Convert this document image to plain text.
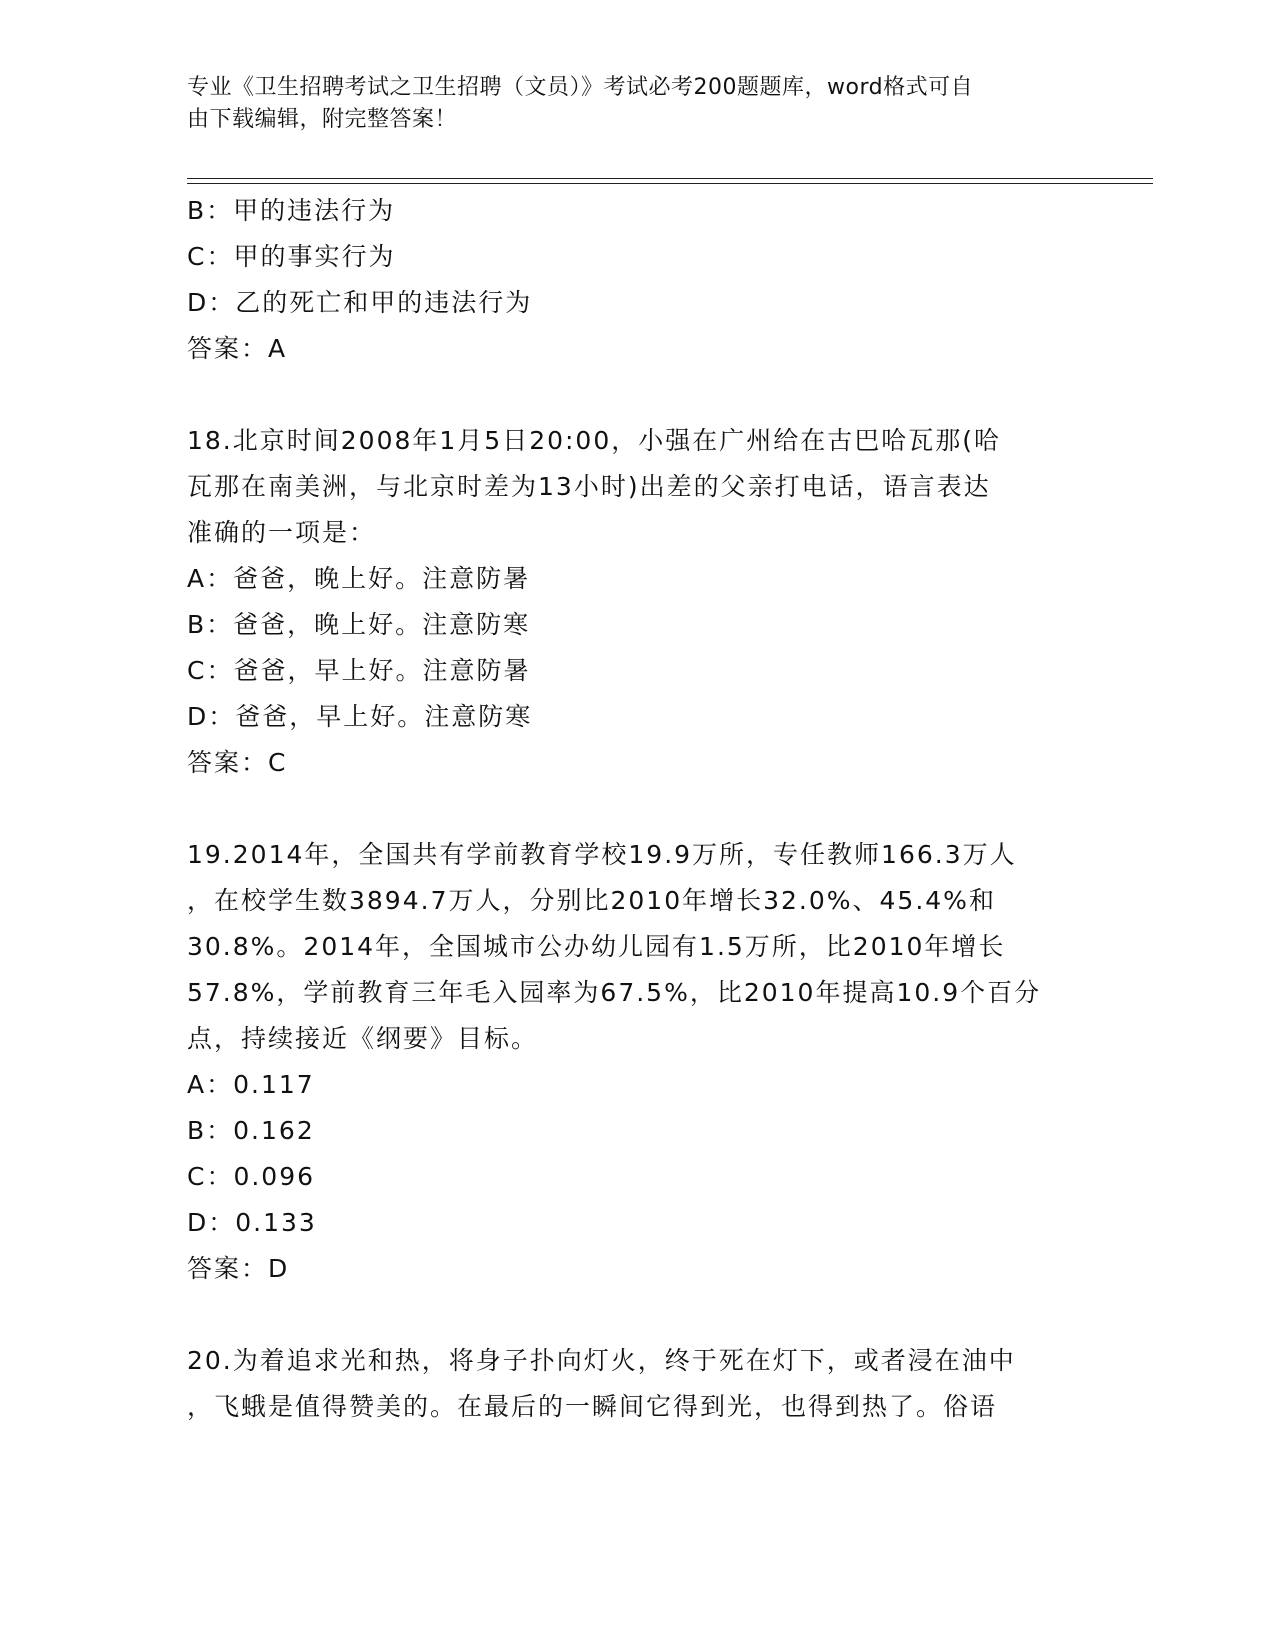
专业《卫生招聘考试之卫生招聘（文员）》考试必考200题题库，word格式可自
由下载编辑，附完整答案！
B：甲的违法行为
C：甲的事实行为
D：乙的死亡和甲的违法行为
答案：A
18.北京时间2008年1月5日20:00，小强在广州给在古巴哈瓦那(哈
瓦那在南美洲，与北京时差为13小时)出差的父亲打电话，语言表达
准确的一项是：
A：爸爸，晚上好。注意防暑
B：爸爸，晚上好。注意防寒
C：爸爸，早上好。注意防暑
D：爸爸，早上好。注意防寒
答案：C
19.2014年，全国共有学前教育学校19.9万所，专任教师166.3万人
，在校学生数3894.7万人，分别比2010年增长32.0%、45.4%和
30.8%。2014年，全国城市公办幼儿园有1.5万所，比2010年增长
57.8%，学前教育三年毛入园率为67.5%，比2010年提高10.9个百分
点，持续接近《纲要》目标。
A：0.117
B：0.162
C：0.096
D：0.133
答案：D
20.为着追求光和热，将身子扑向灯火，终于死在灯下，或者浸在油中
，飞蛾是值得赞美的。在最后的一瞬间它得到光，也得到热了。俗语
